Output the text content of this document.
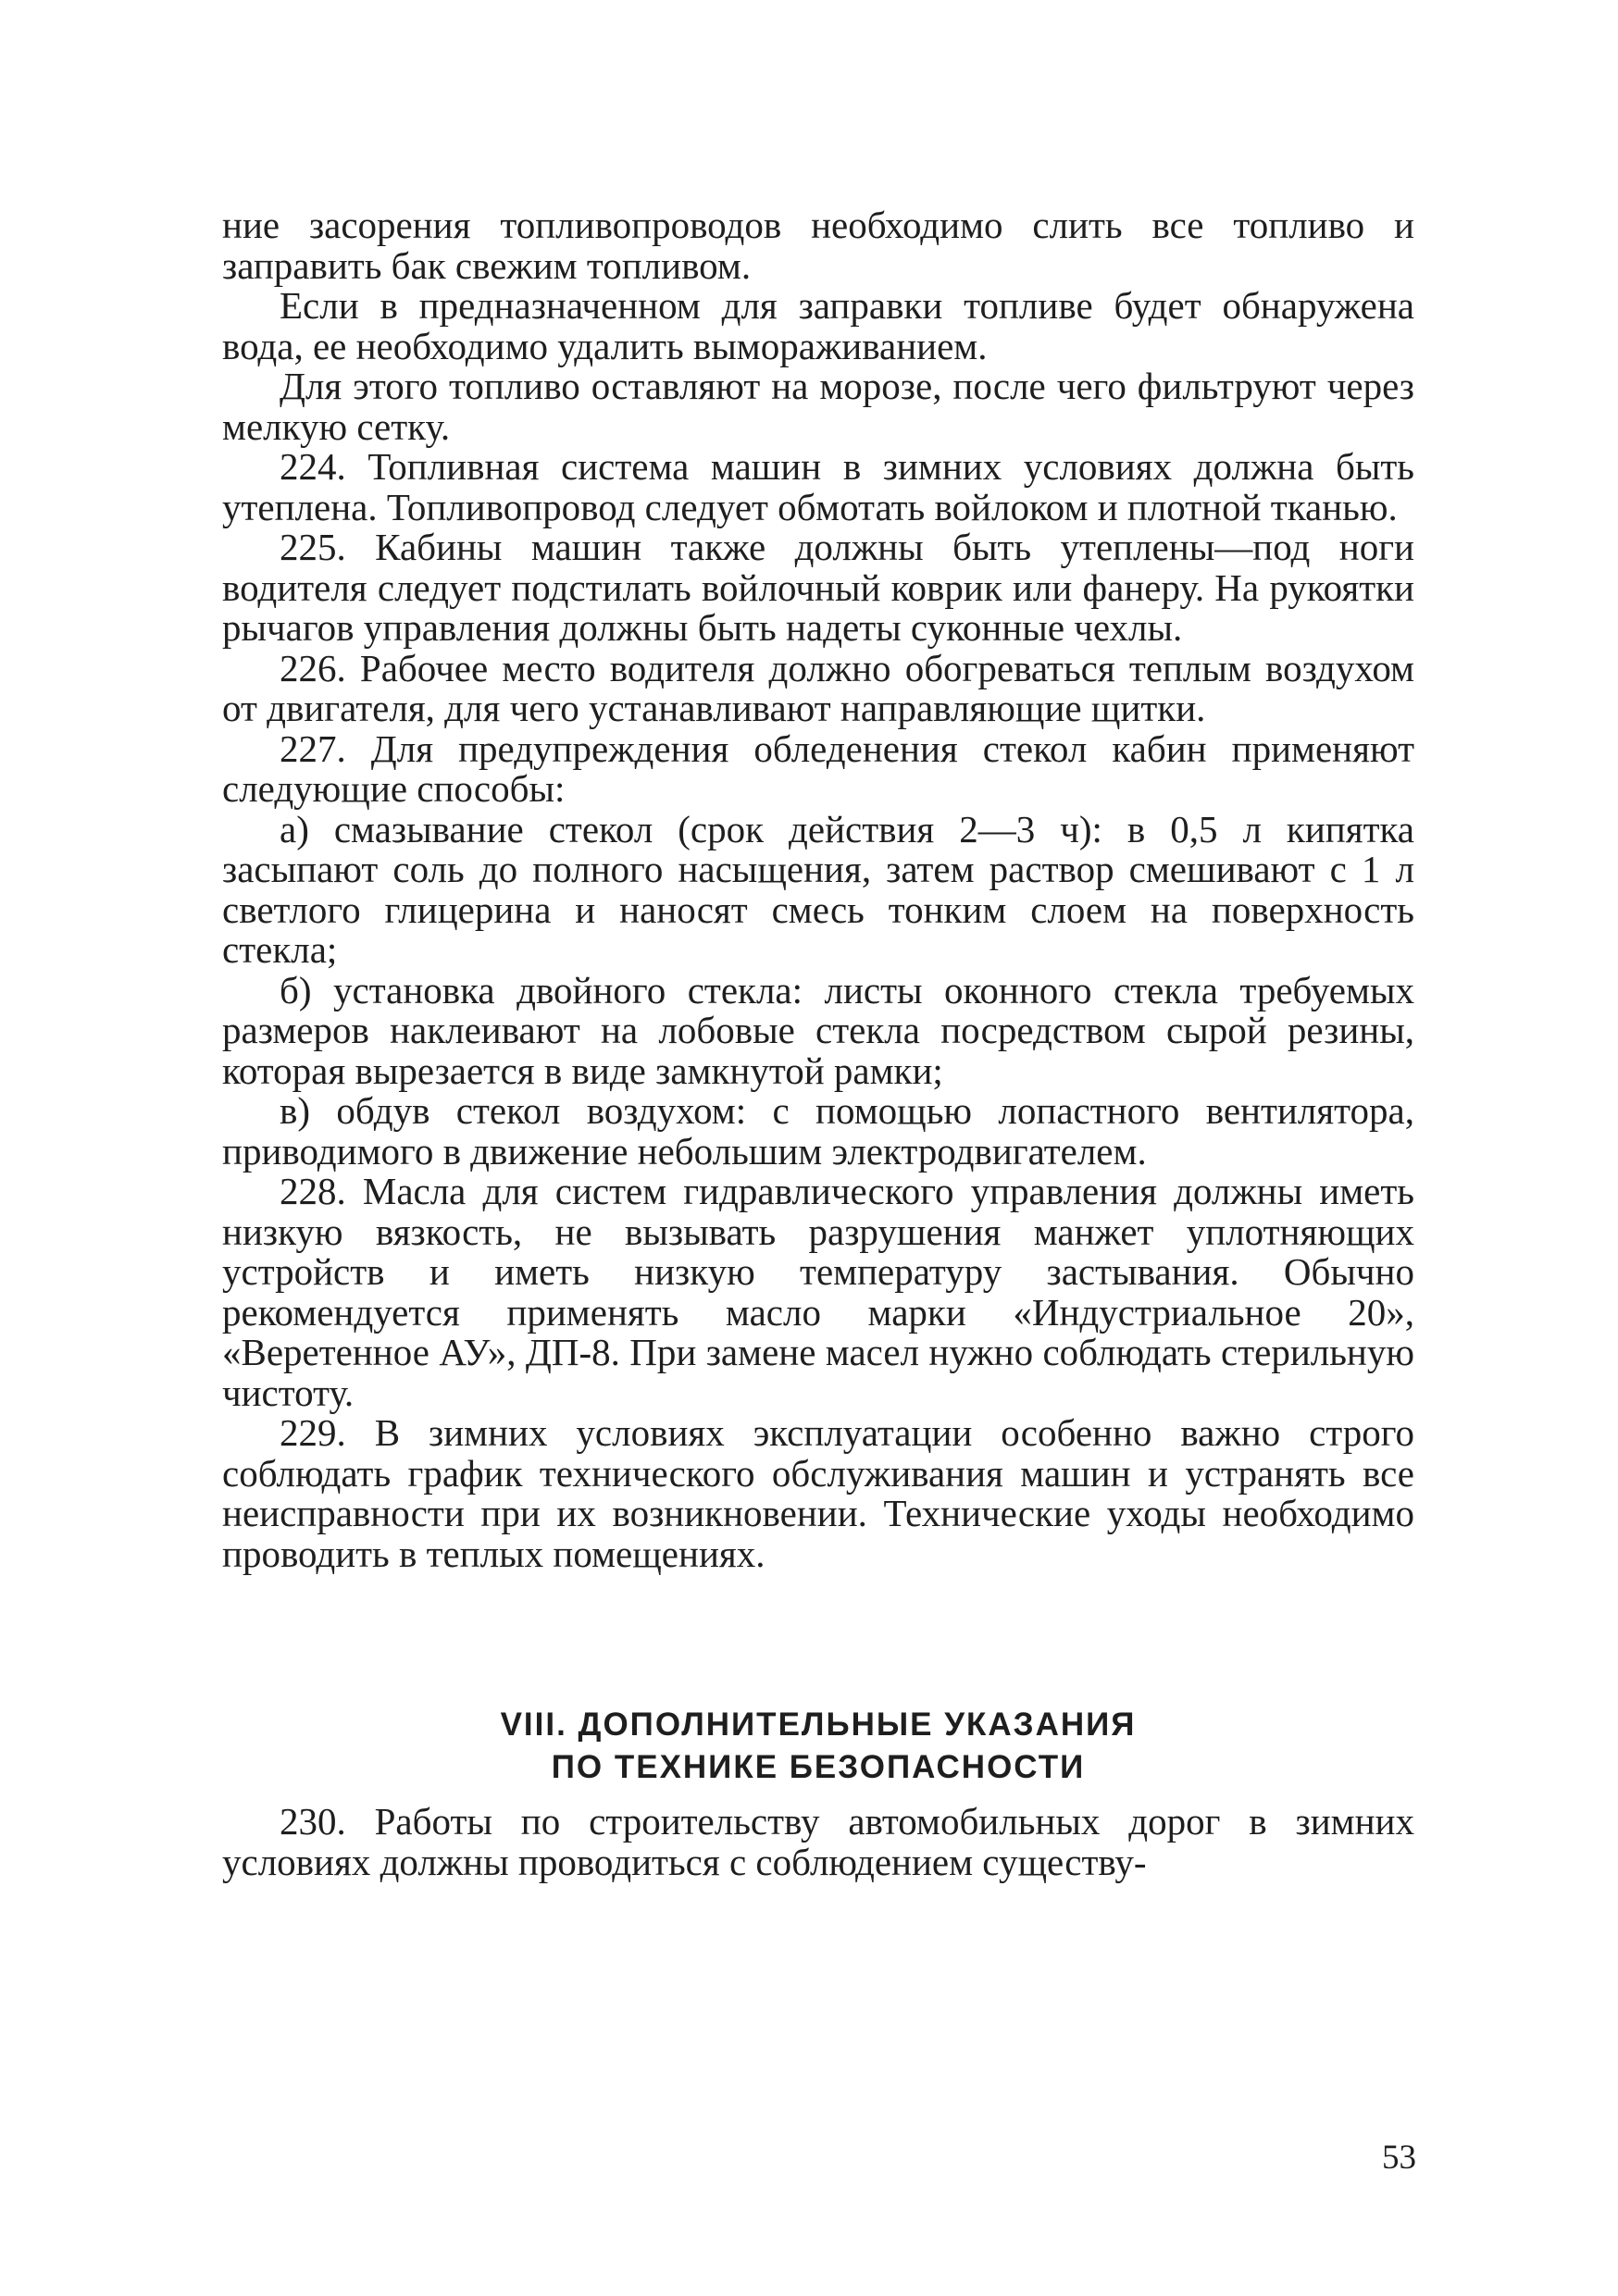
ние засорения топливопроводов необходимо слить все топливо и заправить бак свежим топливом.

Если в предназначенном для заправки топливе будет обнаружена вода, ее необходимо удалить вымораживанием.

Для этого топливо оставляют на морозе, после чего фильтруют через мелкую сетку.

224. Топливная система машин в зимних условиях должна быть утеплена. Топливопровод следует обмотать войлоком и плотной тканью.

225. Кабины машин также должны быть утеплены—под ноги водителя следует подстилать войлочный коврик или фанеру. На рукоятки рычагов управления должны быть надеты суконные чехлы.

226. Рабочее место водителя должно обогреваться теплым воздухом от двигателя, для чего устанавливают направляющие щитки.

227. Для предупреждения обледенения стекол кабин применяют следующие способы:

а) смазывание стекол (срок действия 2—3 ч): в 0,5 л кипятка засыпают соль до полного насыщения, затем раствор смешивают с 1 л светлого глицерина и наносят смесь тонким слоем на поверхность стекла;

б) установка двойного стекла: листы оконного стекла требуемых размеров наклеивают на лобовые стекла посредством сырой резины, которая вырезается в виде замкнутой рамки;

в) обдув стекол воздухом: с помощью лопастного вентилятора, приводимого в движение небольшим электродвигателем.

228. Масла для систем гидравлического управления должны иметь низкую вязкость, не вызывать разрушения манжет уплотняющих устройств и иметь низкую температуру застывания. Обычно рекомендуется применять масло марки «Индустриальное 20», «Веретенное АУ», ДП-8. При замене масел нужно соблюдать стерильную чистоту.

229. В зимних условиях эксплуатации особенно важно строго соблюдать график технического обслуживания машин и устранять все неисправности при их возникновении. Технические уходы необходимо проводить в теплых помещениях.

VIII. ДОПОЛНИТЕЛЬНЫЕ УКАЗАНИЯ
ПО ТЕХНИКЕ БЕЗОПАСНОСТИ

230. Работы по строительству автомобильных дорог в зимних условиях должны проводиться с соблюдением существу-

53
